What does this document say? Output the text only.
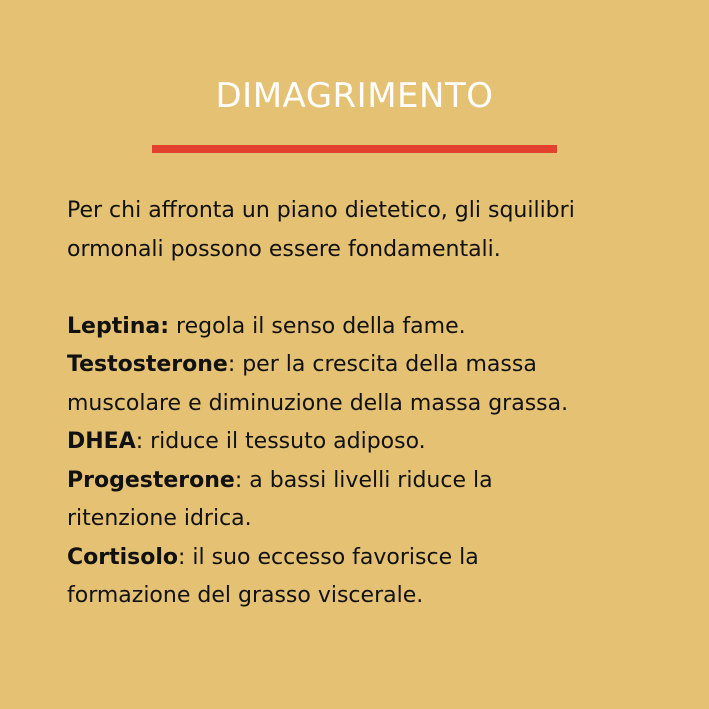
DIMAGRIMENTO

Per chi affronta un piano dietetico, gli squilibri
ormonali possono essere fondamentali.

Leptina: regola il senso della fame.

Testosterone: per la crescita della massa
muscolare e diminuzione della massa grassa.

DHEA: riduce il tessuto adiposo.

Progesterone: a bassi livelli riduce la
ritenzione idrica.

Cortisolo: il suo eccesso favorisce la
formazione del grasso viscerale.
